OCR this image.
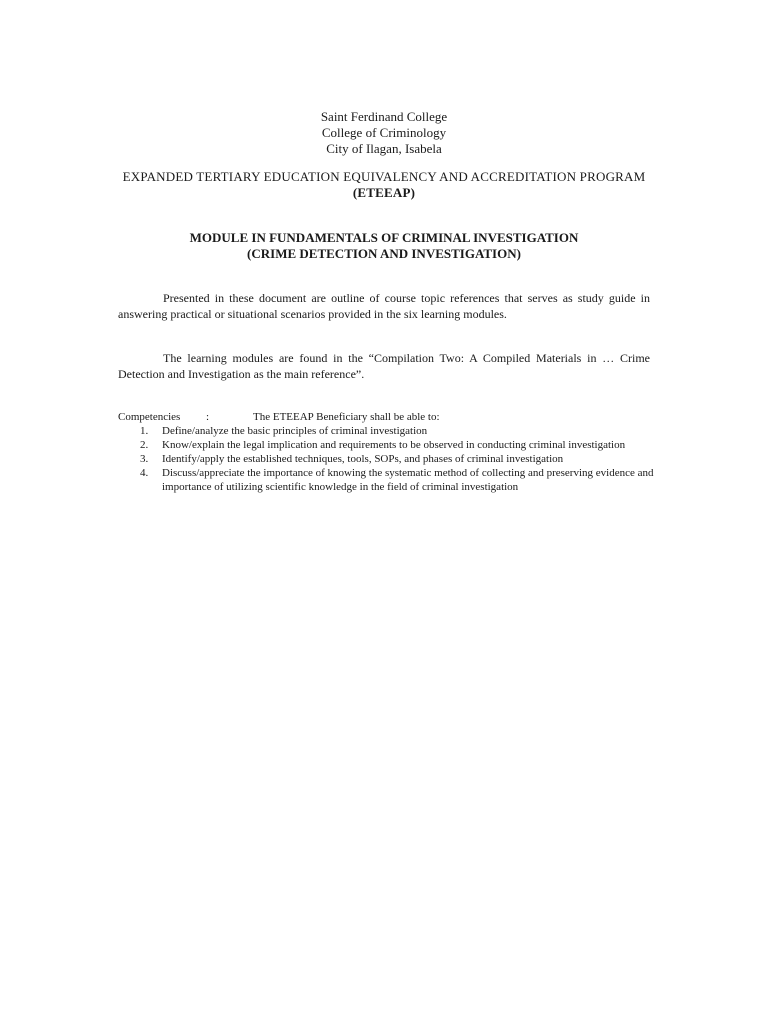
Saint Ferdinand College
College of Criminology
City of Ilagan, Isabela
EXPANDED TERTIARY EDUCATION EQUIVALENCY AND ACCREDITATION PROGRAM (ETEEAP)
MODULE IN FUNDAMENTALS OF CRIMINAL INVESTIGATION
(CRIME DETECTION AND INVESTIGATION)

Presented in these document are outline of course topic references that serves as study guide in answering practical or situational scenarios provided in the six learning modules.

The learning modules are found in the “Compilation Two: A Compiled Materials in … Crime Detection and Investigation as the main reference”.

Competencies	:	The ETEEAP Beneficiary shall be able to:
1.	Define/analyze the basic principles of criminal investigation
2.	Know/explain the legal implication and requirements to be observed in conducting criminal investigation
3.	Identify/apply the established techniques, tools, SOPs, and phases of criminal investigation
4.	Discuss/appreciate the importance of knowing the systematic method of collecting and preserving evidence and importance of utilizing scientific knowledge in the field of criminal investigation
